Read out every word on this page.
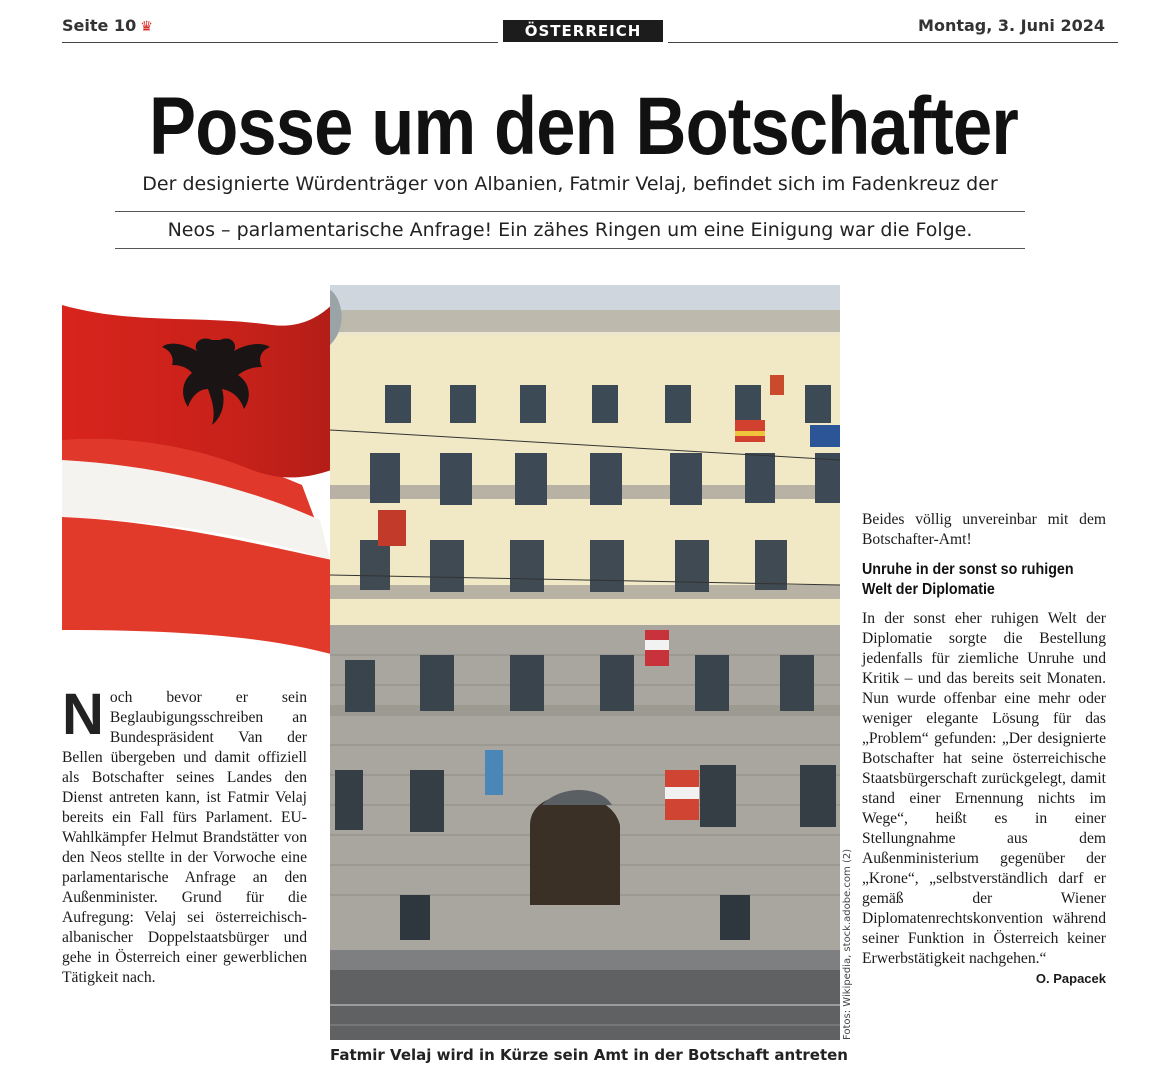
Seite 10 ♛	ÖSTERREICH	Montag, 3. Juni 2024
Posse um den Botschafter
Der designierte Würdenträger von Albanien, Fatmir Velaj, befindet sich im Fadenkreuz der
Neos – parlamentarische Anfrage! Ein zähes Ringen um eine Einigung war die Folge.
Fotos: Wikipedia, stock.adobe.com (2)
Fatmir Velaj wird in Kürze sein Amt in der Botschaft antreten
Noch bevor er sein Beglaubigungsschreiben an Bundespräsident Van der Bellen übergeben und damit offiziell als Botschafter seines Landes den Dienst antreten kann, ist Fatmir Velaj bereits ein Fall fürs Parlament. EU-Wahlkämpfer Helmut Brandstätter von den Neos stellte in der Vorwoche eine parlamentarische Anfrage an den Außenminister. Grund für die Aufregung: Velaj sei österreichisch-albanischer Doppelstaatsbürger und gehe in Österreich einer gewerblichen Tätigkeit nach.
Beides völlig unvereinbar mit dem Botschafter-Amt!
Unruhe in der sonst so ruhigen Welt der Diplomatie
In der sonst eher ruhigen Welt der Diplomatie sorgte die Bestellung jedenfalls für ziemliche Unruhe und Kritik – und das bereits seit Monaten. Nun wurde offenbar eine mehr oder weniger elegante Lösung für das „Problem“ gefunden: „Der designierte Botschafter hat seine österreichische Staatsbürgerschaft zurückgelegt, damit stand einer Ernennung nichts im Wege“, heißt es in einer Stellungnahme aus dem Außenministerium gegenüber der „Krone“, „selbstverständlich darf er gemäß der Wiener Diplomatenrechtskonvention während seiner Funktion in Österreich keiner Erwerbstätigkeit nachgehen.“
O. Papacek
